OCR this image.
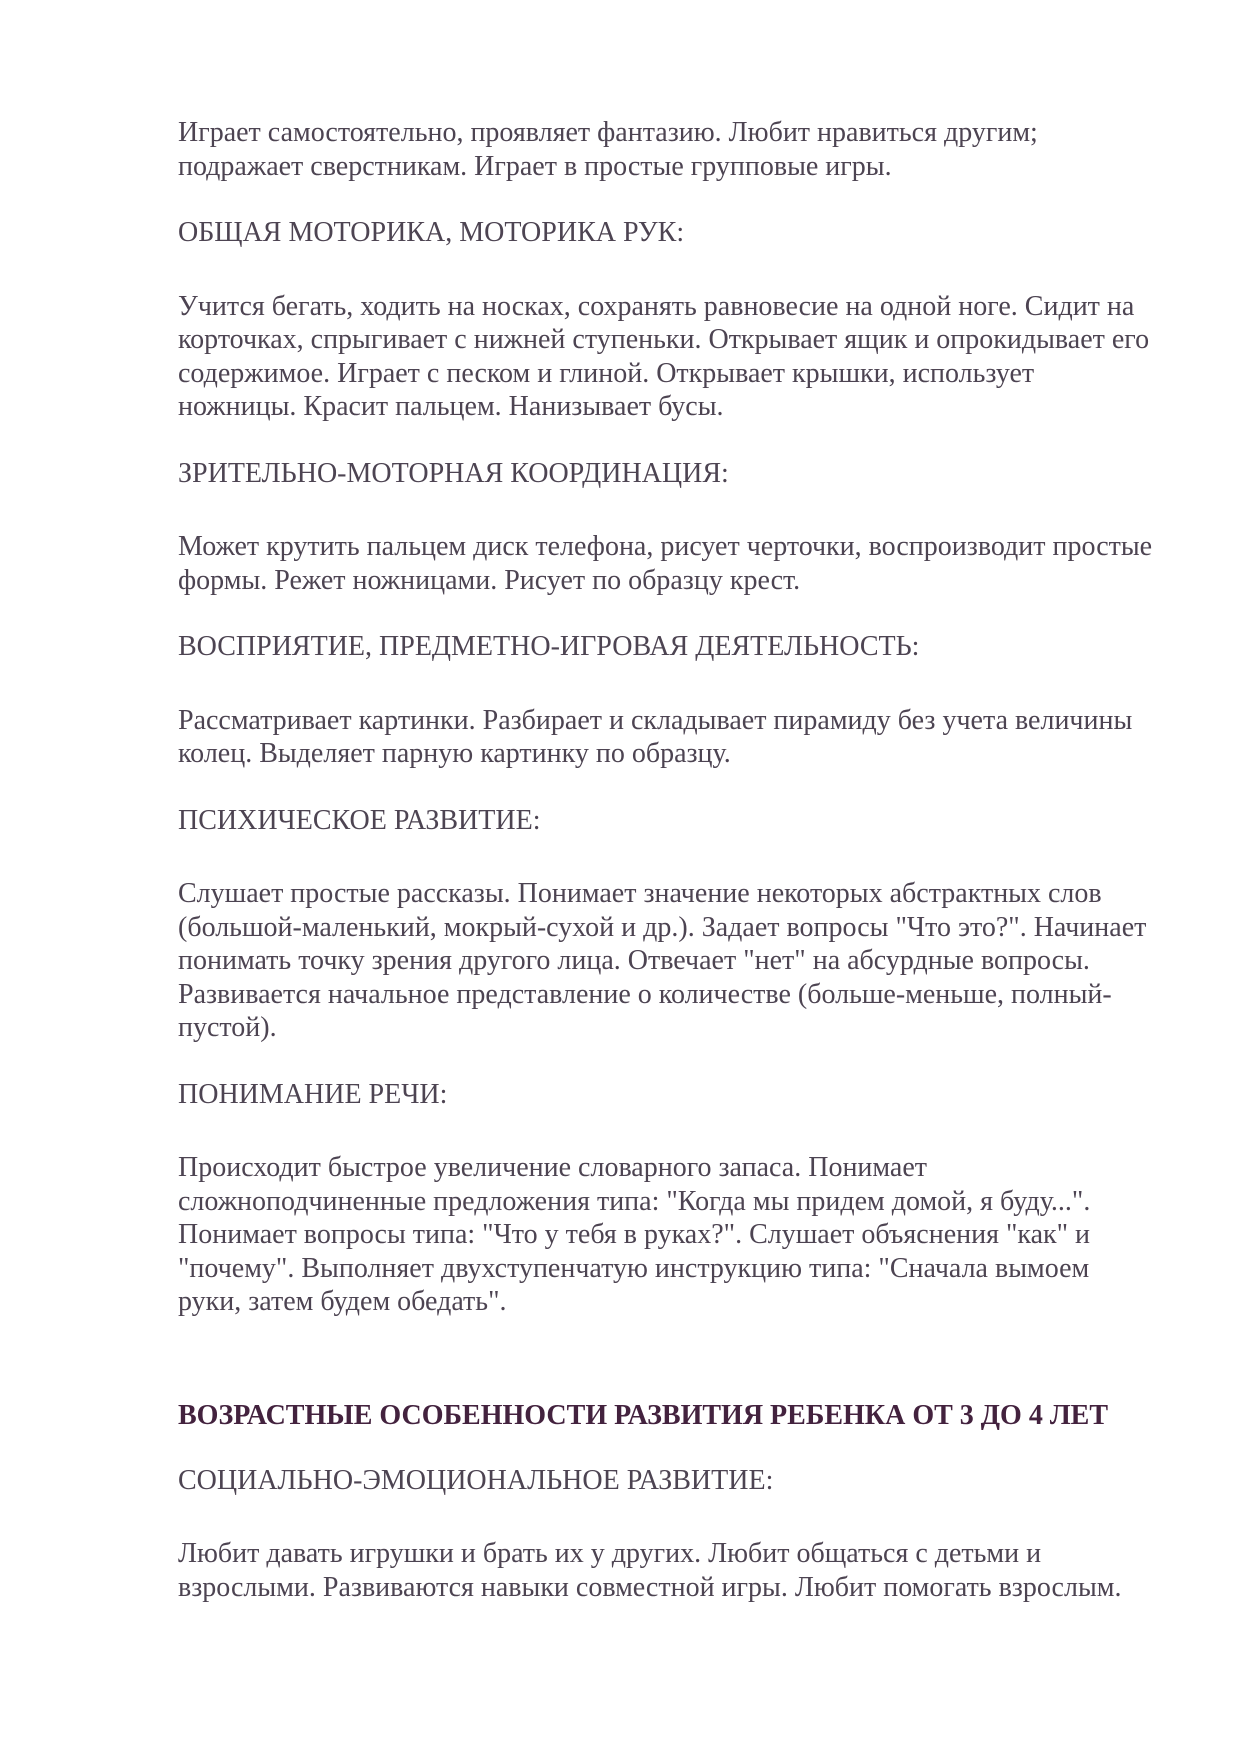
Играет самостоятельно, проявляет фантазию. Любит нравиться другим; подражает сверстникам. Играет в простые групповые игры.

ОБЩАЯ МОТОРИКА, МОТОРИКА РУК:

Учится бегать, ходить на носках, сохранять равновесие на одной ноге. Сидит на корточках, спрыгивает с нижней ступеньки. Открывает ящик и опрокидывает его содержимое. Играет с песком и глиной. Открывает крышки, использует ножницы. Красит пальцем. Нанизывает бусы.

ЗРИТЕЛЬНО-МОТОРНАЯ КООРДИНАЦИЯ:

Может крутить пальцем диск телефона, рисует черточки, воспроизводит простые формы. Режет ножницами. Рисует по образцу крест.

ВОСПРИЯТИЕ, ПРЕДМЕТНО-ИГРОВАЯ ДЕЯТЕЛЬНОСТЬ:

Рассматривает картинки. Разбирает и складывает пирамиду без учета величины колец. Выделяет парную картинку по образцу.

ПСИХИЧЕСКОЕ РАЗВИТИЕ:

Слушает простые рассказы. Понимает значение некоторых абстрактных слов (большой-маленький, мокрый-сухой и др.). Задает вопросы "Что это?". Начинает понимать точку зрения другого лица. Отвечает "нет" на абсурдные вопросы. Развивается начальное представление о количестве (больше-меньше, полный-пустой).

ПОНИМАНИЕ РЕЧИ:

Происходит быстрое увеличение словарного запаса. Понимает сложноподчиненные предложения типа: "Когда мы придем домой, я буду...". Понимает вопросы типа: "Что у тебя в руках?". Слушает объяснения "как" и "почему". Выполняет двухступенчатую инструкцию типа: "Сначала вымоем руки, затем будем обедать".

ВОЗРАСТНЫЕ ОСОБЕННОСТИ РАЗВИТИЯ РЕБЕНКА ОТ 3 ДО 4 ЛЕТ

СОЦИАЛЬНО-ЭМОЦИОНАЛЬНОЕ РАЗВИТИЕ:

Любит давать игрушки и брать их у других. Любит общаться с детьми и взрослыми. Развиваются навыки совместной игры. Любит помогать взрослым.
